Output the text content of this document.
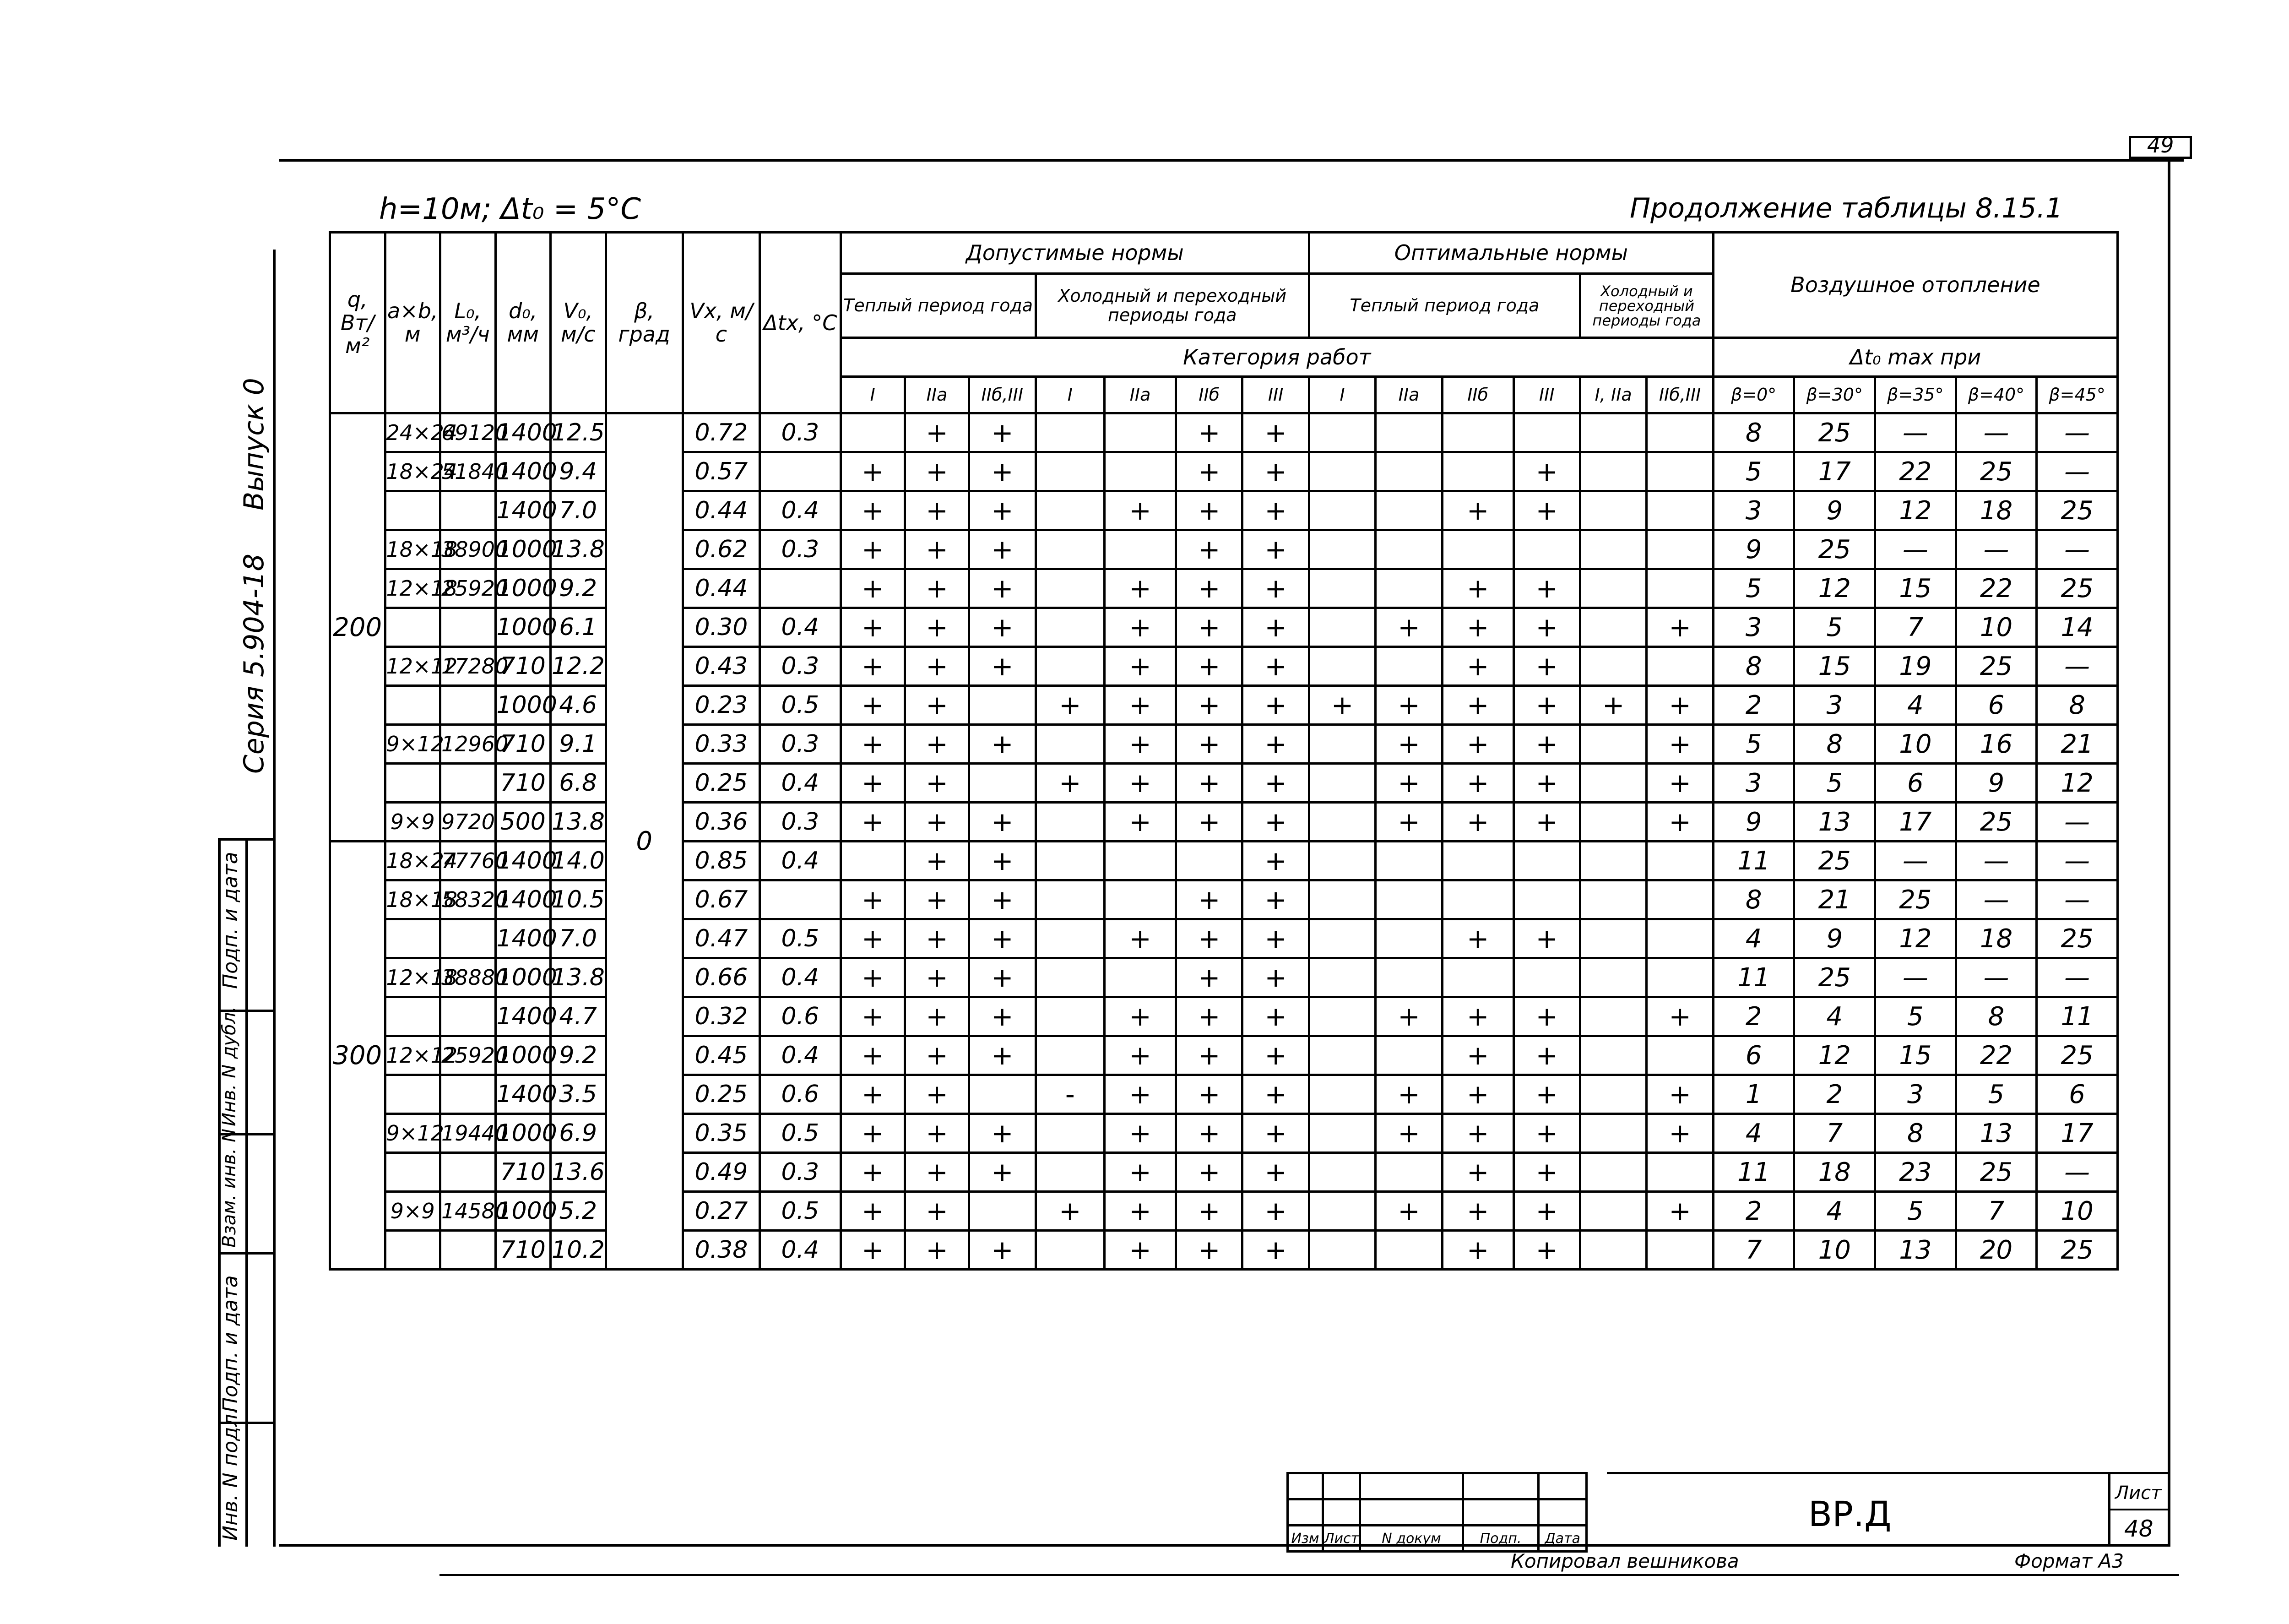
49
h=10м; Δt₀ = 5°C	Продолжение таблицы 8.15.1
q, Вт/м²	a×b, м	L₀, м³/ч	d₀, мм	V₀, м/с	β, град	Vx, м/с	Δtx, °C	Допустимые нормы							Оптимальные нормы						Воздушное отопление				
								Теплый период года			Холодный и переходный периоды года				Теплый период года				Холодный и переходный периоды года						
								Категория работ													Δt₀ max при				
								I	IIа	IIб,III	I	IIа	IIб	III	I	IIа	IIб	III	I, IIа	IIб,III	β=0°	β=30°	β=35°	β=40°	β=45°
200	24×24	69120	1400	12.5	0	0.72	0.3		+	+			+	+							8	25	—	—	—
	18×24	51840	1400	9.4		0.57		+	+	+			+	+				+			5	17	22	25	—
			1400	7.0		0.44	0.4	+	+	+		+	+	+			+	+			3	9	12	18	25
	18×18	38900	1000	13.8		0.62	0.3	+	+	+			+	+							9	25	—	—	—
	12×18	25920	1000	9.2		0.44		+	+	+		+	+	+			+	+			5	12	15	22	25
			1000	6.1		0.30	0.4	+	+	+		+	+	+		+	+	+		+	3	5	7	10	14
	12×12	17280	710	12.2		0.43	0.3	+	+	+		+	+	+			+	+			8	15	19	25	—
			1000	4.6		0.23	0.5	+	+		+	+	+	+	+	+	+	+	+	+	2	3	4	6	8
	9×12	12960	710	9.1		0.33	0.3	+	+	+		+	+	+		+	+	+		+	5	8	10	16	21
			710	6.8		0.25	0.4	+	+		+	+	+	+		+	+	+		+	3	5	6	9	12
	9×9	9720	500	13.8		0.36	0.3	+	+	+		+	+	+		+	+	+		+	9	13	17	25	—
300	18×24	77760	1400	14.0		0.85	0.4		+	+				+							11	25	—	—	—
	18×18	58320	1400	10.5		0.67		+	+	+			+	+							8	21	25	—	—
			1400	7.0		0.47	0.5	+	+	+		+	+	+			+	+			4	9	12	18	25
	12×18	38880	1000	13.8		0.66	0.4	+	+	+			+	+							11	25	—	—	—
			1400	4.7		0.32	0.6	+	+	+		+	+	+		+	+	+		+	2	4	5	8	11
	12×12	25920	1000	9.2		0.45	0.4	+	+	+		+	+	+			+	+			6	12	15	22	25
			1400	3.5		0.25	0.6	+	+		-	+	+	+		+	+	+		+	1	2	3	5	6
	9×12	19440	1000	6.9		0.35	0.5	+	+	+		+	+	+		+	+	+		+	4	7	8	13	17
			710	13.6		0.49	0.3	+	+	+		+	+	+			+	+			11	18	23	25	—
	9×9	14580	1000	5.2		0.27	0.5	+	+		+	+	+	+		+	+	+		+	2	4	5	7	10
			710	10.2		0.38	0.4	+	+	+		+	+	+			+	+			7	10	13	20	25
Серия 5.904-18
Выпуск 0
Подп. и дата
Инв. N дубл.
Взам. инв. N
Подп. и дата
Инв. N подл.

					Изм	Лист	N докум	Подп.	Дата
ВР.Д
Лист
48
Копировал вешникова	Формат А3
